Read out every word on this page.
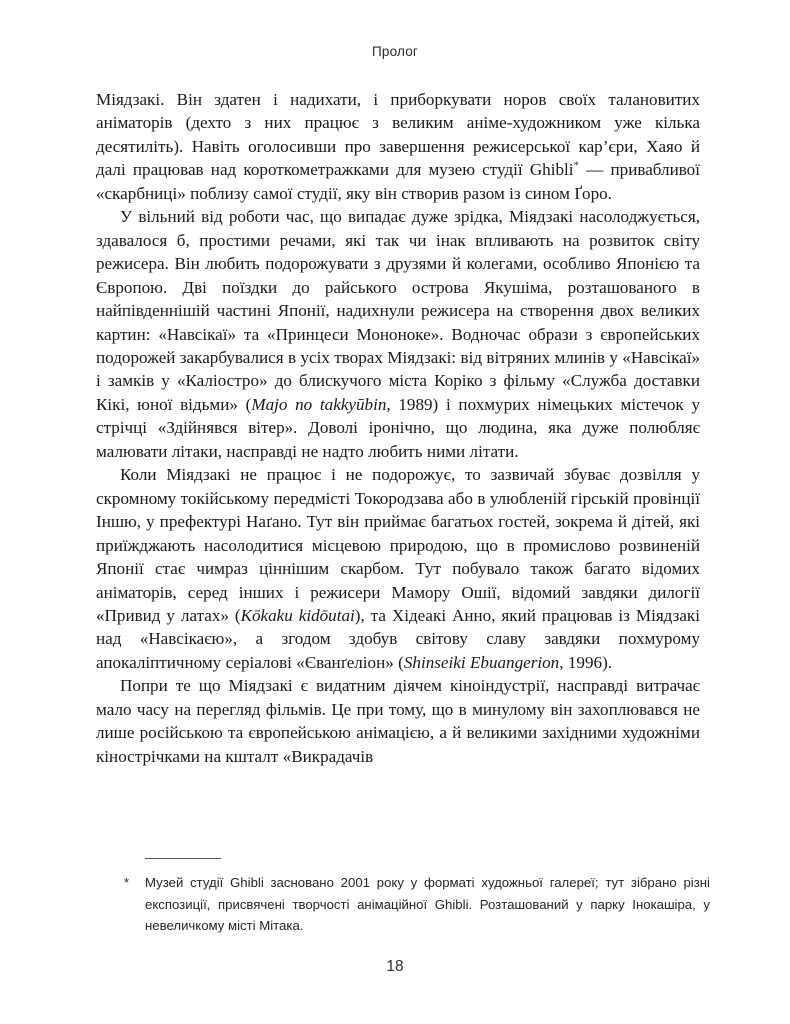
Пролог

Міядзакі. Він здатен і надихати, і приборкувати норов своїх талановитих аніматорів (дехто з них працює з великим аніме-художником уже кілька десятиліть). Навіть оголосивши про завершення режисерської кар’єри, Хаяо й далі працював над короткометражками для музею студії Ghibli* — привабливої «скарбниці» поблизу самої студії, яку він створив разом із сином Ґоро.

У вільний від роботи час, що випадає дуже зрідка, Міядзакі насолоджується, здавалося б, простими речами, які так чи інак впливають на розвиток світу режисера. Він любить подорожувати з друзями й колегами, особливо Японією та Європою. Дві поїздки до райського острова Якушіма, розташованого в найпівденнішій частині Японії, надихнули режисера на створення двох великих картин: «Навсікаї» та «Принцеси Мононоке». Водночас образи з європейських подорожей закарбувалися в усіх творах Міядзакі: від вітряних млинів у «Навсікаї» і замків у «Каліостро» до блискучого міста Коріко з фільму «Служба доставки Кікі, юної відьми» (Majo no takkyūbin, 1989) і похмурих німецьких містечок у стрічці «Здійнявся вітер». Доволі іронічно, що людина, яка дуже полюбляє малювати літаки, насправді не надто любить ними літати.

Коли Міядзакі не працює і не подорожує, то зазвичай збуває дозвілля у скромному токійському передмісті Токородзава або в улюбленій гірській провінції Іншю, у префектурі Наґано. Тут він приймає багатьох гостей, зокрема й дітей, які приїжджають насолодитися місцевою природою, що в промислово розвиненій Японії стає чимраз ціннішим скарбом. Тут побувало також багато відомих аніматорів, серед інших і режисери Мамору Ошії, відомий завдяки дилогії «Привид у латах» (Kōkaku kidōutai), та Хідеакі Анно, який працював із Міядзакі над «Навсікаєю», а згодом здобув світову славу завдяки похмурому апокаліптичному серіалові «Єванґеліон» (Shinseiki Ebuangerion, 1996).

Попри те що Міядзакі є видатним діячем кіноіндустрії, насправді витрачає мало часу на перегляд фільмів. Це при тому, що в минулому він захоплювався не лише російською та європейською анімацією, а й великими західними художніми кінострічками на кшталт «Викрадачів

*	Музей студії Ghibli засновано 2001 року у форматі художньої галереї; тут зібрано різні експозиції, присвячені творчості анімаційної Ghibli. Розташований у парку Інокашіра, у невеличкому місті Мітака.
18
